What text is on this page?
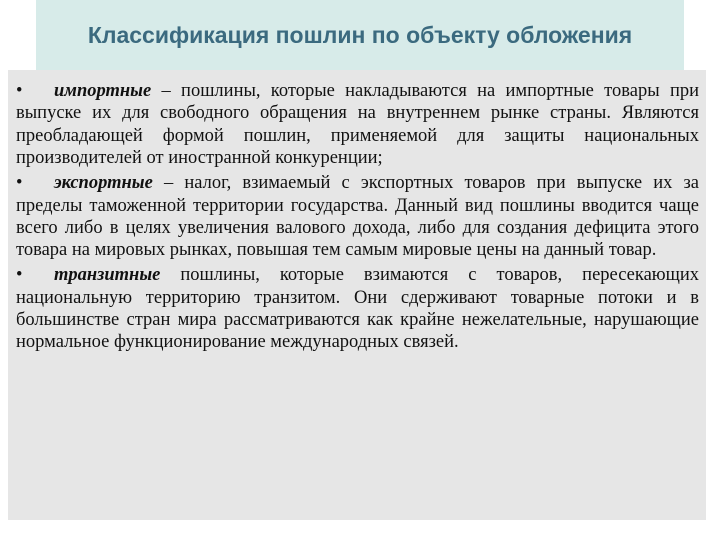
Классификация пошлин по объекту обложения

• импортные – пошлины, которые накладываются на импортные товары при выпуске их для свободного обращения на внутреннем рынке страны. Являются преобладающей формой пошлин, применяемой для защиты национальных производителей от иностранной конкуренции;

• экспортные – налог, взимаемый с экспортных товаров при выпуске их за пределы таможенной территории государства. Данный вид пошлины вводится чаще всего либо в целях увеличения валового дохода, либо для создания дефицита этого товара на мировых рынках, повышая тем самым мировые цены на данный товар.

• транзитные пошлины, которые взимаются с товаров, пересекающих национальную территорию транзитом. Они сдерживают товарные потоки и в большинстве стран мира рассматриваются как крайне нежелательные, нарушающие нормальное функционирование международных связей.
